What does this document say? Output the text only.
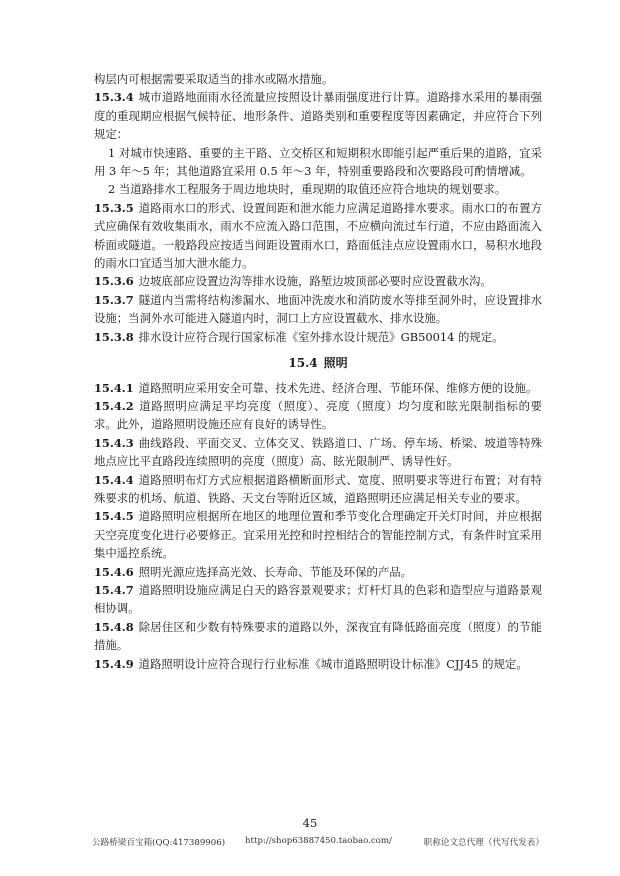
构层内可根据需要采取适当的排水或隔水措施。

15.3.4 城市道路地面雨水径流量应按照设计暴雨强度进行计算。道路排水采用的暴雨强度的重现期应根据气候特征、地形条件、道路类别和重要程度等因素确定，并应符合下列规定：

1 对城市快速路、重要的主干路、立交桥区和短期积水即能引起严重后果的道路，宜采用 3 年～5 年；其他道路宜采用 0.5 年～3 年，特别重要路段和次要路段可酌情增减。

2 当道路排水工程服务于周边地块时，重现期的取值还应符合地块的规划要求。

15.3.5 道路雨水口的形式、设置间距和泄水能力应满足道路排水要求。雨水口的布置方式应确保有效收集雨水，雨水不应流入路口范围，不应横向流过车行道，不应由路面流入桥面或隧道。一般路段应按适当间距设置雨水口，路面低洼点应设置雨水口，易积水地段的雨水口宜适当加大泄水能力。

15.3.6 边坡底部应设置边沟等排水设施，路堑边坡顶部必要时应设置截水沟。

15.3.7 隧道内当需将结构渗漏水、地面冲洗废水和消防废水等排至洞外时，应设置排水设施；当洞外水可能进入隧道内时，洞口上方应设置截水、排水设施。

15.3.8 排水设计应符合现行国家标准《室外排水设计规范》GB50014 的规定。

15.4 照明

15.4.1 道路照明应采用安全可靠、技术先进、经济合理、节能环保、维修方便的设施。

15.4.2 道路照明应满足平均亮度（照度）、亮度（照度）均匀度和眩光限制指标的要求。此外，道路照明设施还应有良好的诱导性。

15.4.3 曲线路段、平面交叉、立体交叉、铁路道口、广场、停车场、桥梁、坡道等特殊地点应比平直路段连续照明的亮度（照度）高、眩光限制严、诱导性好。

15.4.4 道路照明布灯方式应根据道路横断面形式、宽度、照明要求等进行布置；对有特殊要求的机场、航道、铁路、天文台等附近区域，道路照明还应满足相关专业的要求。

15.4.5 道路照明应根据所在地区的地理位置和季节变化合理确定开关灯时间，并应根据天空亮度变化进行必要修正。宜采用光控和时控相结合的智能控制方式，有条件时宜采用集中遥控系统。

15.4.6 照明光源应选择高光效、长寿命、节能及环保的产品。

15.4.7 道路照明设施应满足白天的路容景观要求；灯杆灯具的色彩和造型应与道路景观相协调。

15.4.8 除居住区和少数有特殊要求的道路以外，深夜宜有降低路面亮度（照度）的节能措施。

15.4.9 道路照明设计应符合现行行业标准《城市道路照明设计标准》CJJ45 的规定。

45
公路桥梁百宝箱(QQ:417389906) http://shop63887450.taobao.com/	职称论文总代理（代写代发表）
